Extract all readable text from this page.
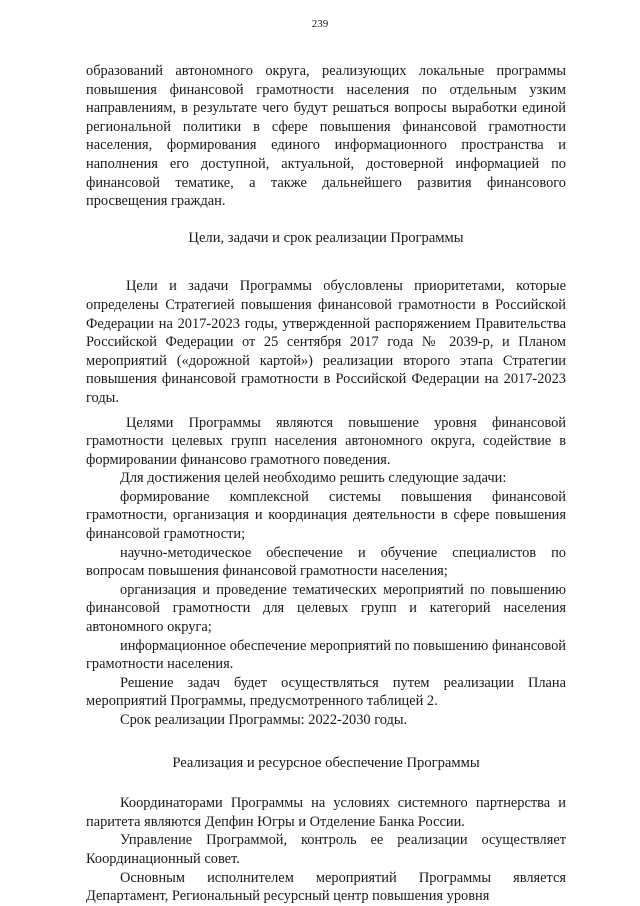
239

образований автономного округа, реализующих локальные программы повышения финансовой грамотности населения по отдельным узким направлениям, в результате чего будут решаться вопросы выработки единой региональной политики в сфере повышения финансовой грамотности населения, формирования единого информационного пространства и наполнения его доступной, актуальной, достоверной информацией по финансовой тематике, а также дальнейшего развития финансового просвещения граждан.

Цели, задачи и срок реализации Программы

Цели и задачи Программы обусловлены приоритетами, которые определены Стратегией повышения финансовой грамотности в Российской Федерации на 2017-2023 годы, утвержденной распоряжением Правительства Российской Федерации от 25 сентября 2017 года № 2039-р, и Планом мероприятий («дорожной картой») реализации второго этапа Стратегии повышения финансовой грамотности в Российской Федерации на 2017-2023 годы.

Целями Программы являются повышение уровня финансовой грамотности целевых групп населения автономного округа, содействие в формировании финансово грамотного поведения.

Для достижения целей необходимо решить следующие задачи:

формирование комплексной системы повышения финансовой грамотности, организация и координация деятельности в сфере повышения финансовой грамотности;

научно-методическое обеспечение и обучение специалистов по вопросам повышения финансовой грамотности населения;

организация и проведение тематических мероприятий по повышению финансовой грамотности для целевых групп и категорий населения автономного округа;

информационное обеспечение мероприятий по повышению финансовой грамотности населения.

Решение задач будет осуществляться путем реализации Плана мероприятий Программы, предусмотренного таблицей 2.

Срок реализации Программы: 2022-2030 годы.

Реализация и ресурсное обеспечение Программы

Координаторами Программы на условиях системного партнерства и паритета являются Депфин Югры и Отделение Банка России.

Управление Программой, контроль ее реализации осуществляет Координационный совет.

Основным исполнителем мероприятий Программы является Департамент, Региональный ресурсный центр повышения уровня
